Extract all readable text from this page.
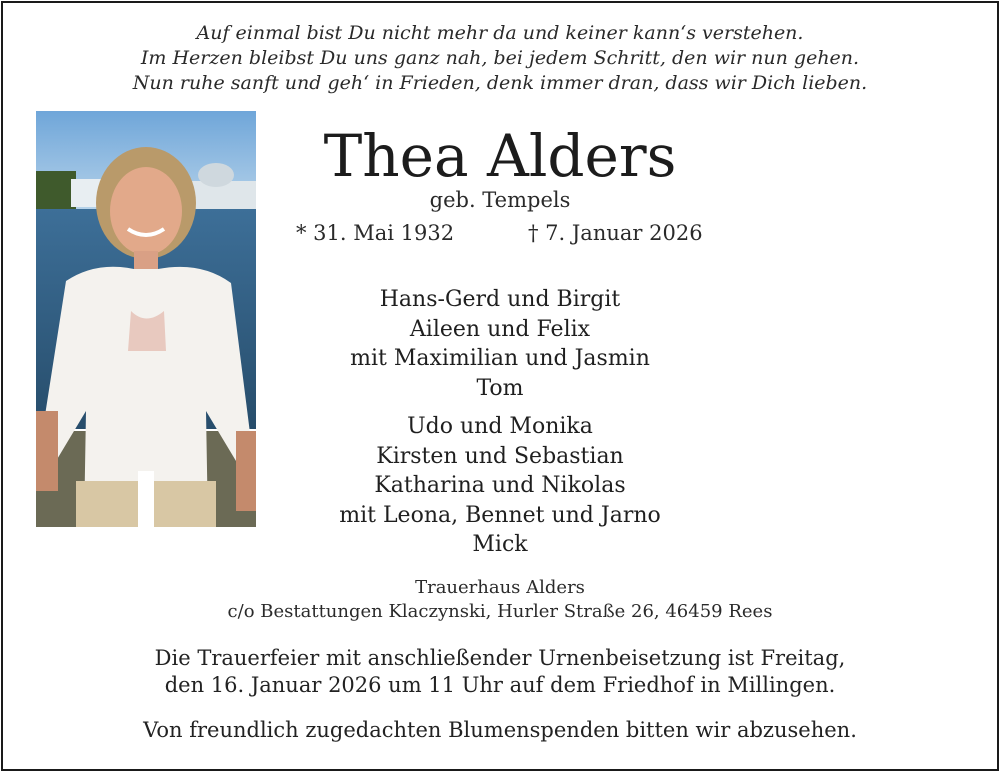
Auf einmal bist Du nicht mehr da und keiner kann‘s verstehen.
Im Herzen bleibst Du uns ganz nah, bei jedem Schritt, den wir nun gehen.
Nun ruhe sanft und geh‘ in Frieden, denk immer dran, dass wir Dich lieben.
Thea Alders
geb. Tempels
* 31. Mai 1932	† 7. Januar 2026
Hans-Gerd und Birgit
Aileen und Felix
mit Maximilian und Jasmin
Tom
Udo und Monika
Kirsten und Sebastian
Katharina und Nikolas
mit Leona, Bennet und Jarno
Mick
Trauerhaus Alders
c/o Bestattungen Klaczynski, Hurler Straße 26, 46459 Rees
Die Trauerfeier mit anschließender Urnenbeisetzung ist Freitag,
den 16. Januar 2026 um 11 Uhr auf dem Friedhof in Millingen.
Von freundlich zugedachten Blumenspenden bitten wir abzusehen.
